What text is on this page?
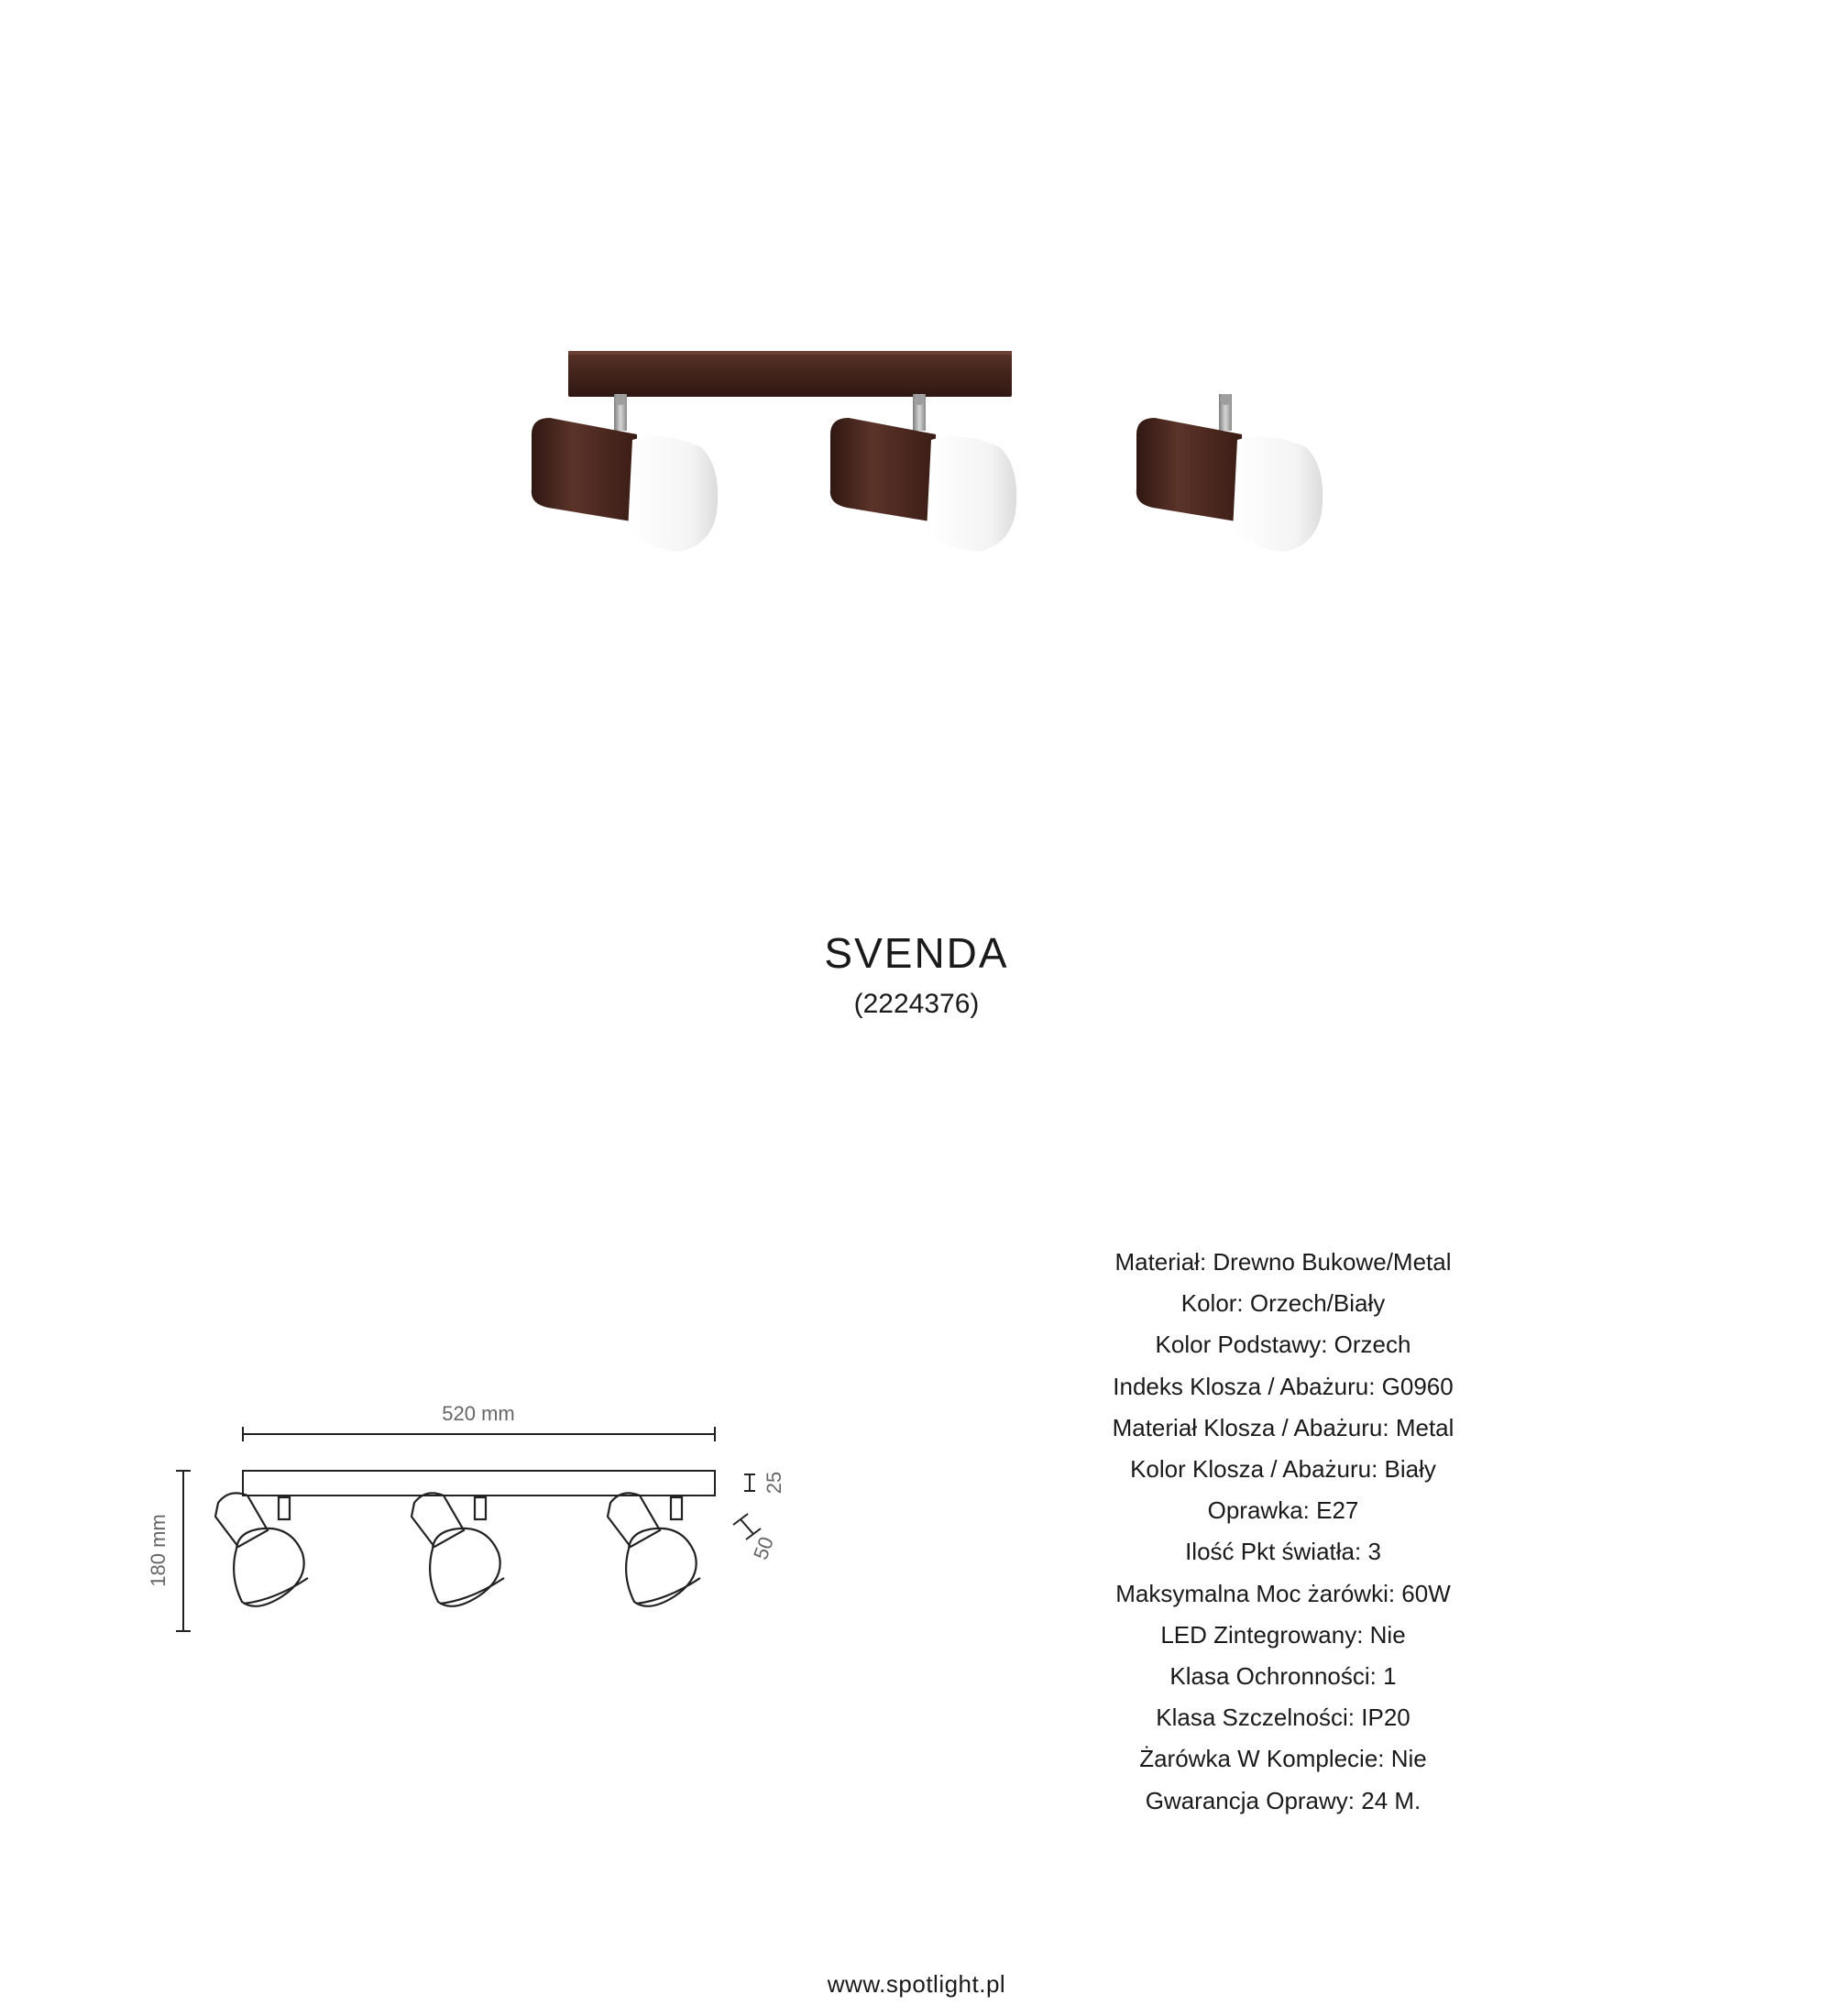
SVENDA
(2224376)
520 mm
180 mm
25
50
Materiał: Drewno Bukowe/Metal
Kolor: Orzech/Biały
Kolor Podstawy: Orzech
Indeks Klosza / Abażuru: G0960
Materiał Klosza / Abażuru: Metal
Kolor Klosza / Abażuru: Biały
Oprawka: E27
Ilość Pkt światła: 3
Maksymalna Moc żarówki: 60W
LED Zintegrowany: Nie
Klasa Ochronności: 1
Klasa Szczelności: IP20
Żarówka W Komplecie: Nie
Gwarancja Oprawy: 24 M.
www.spotlight.pl
